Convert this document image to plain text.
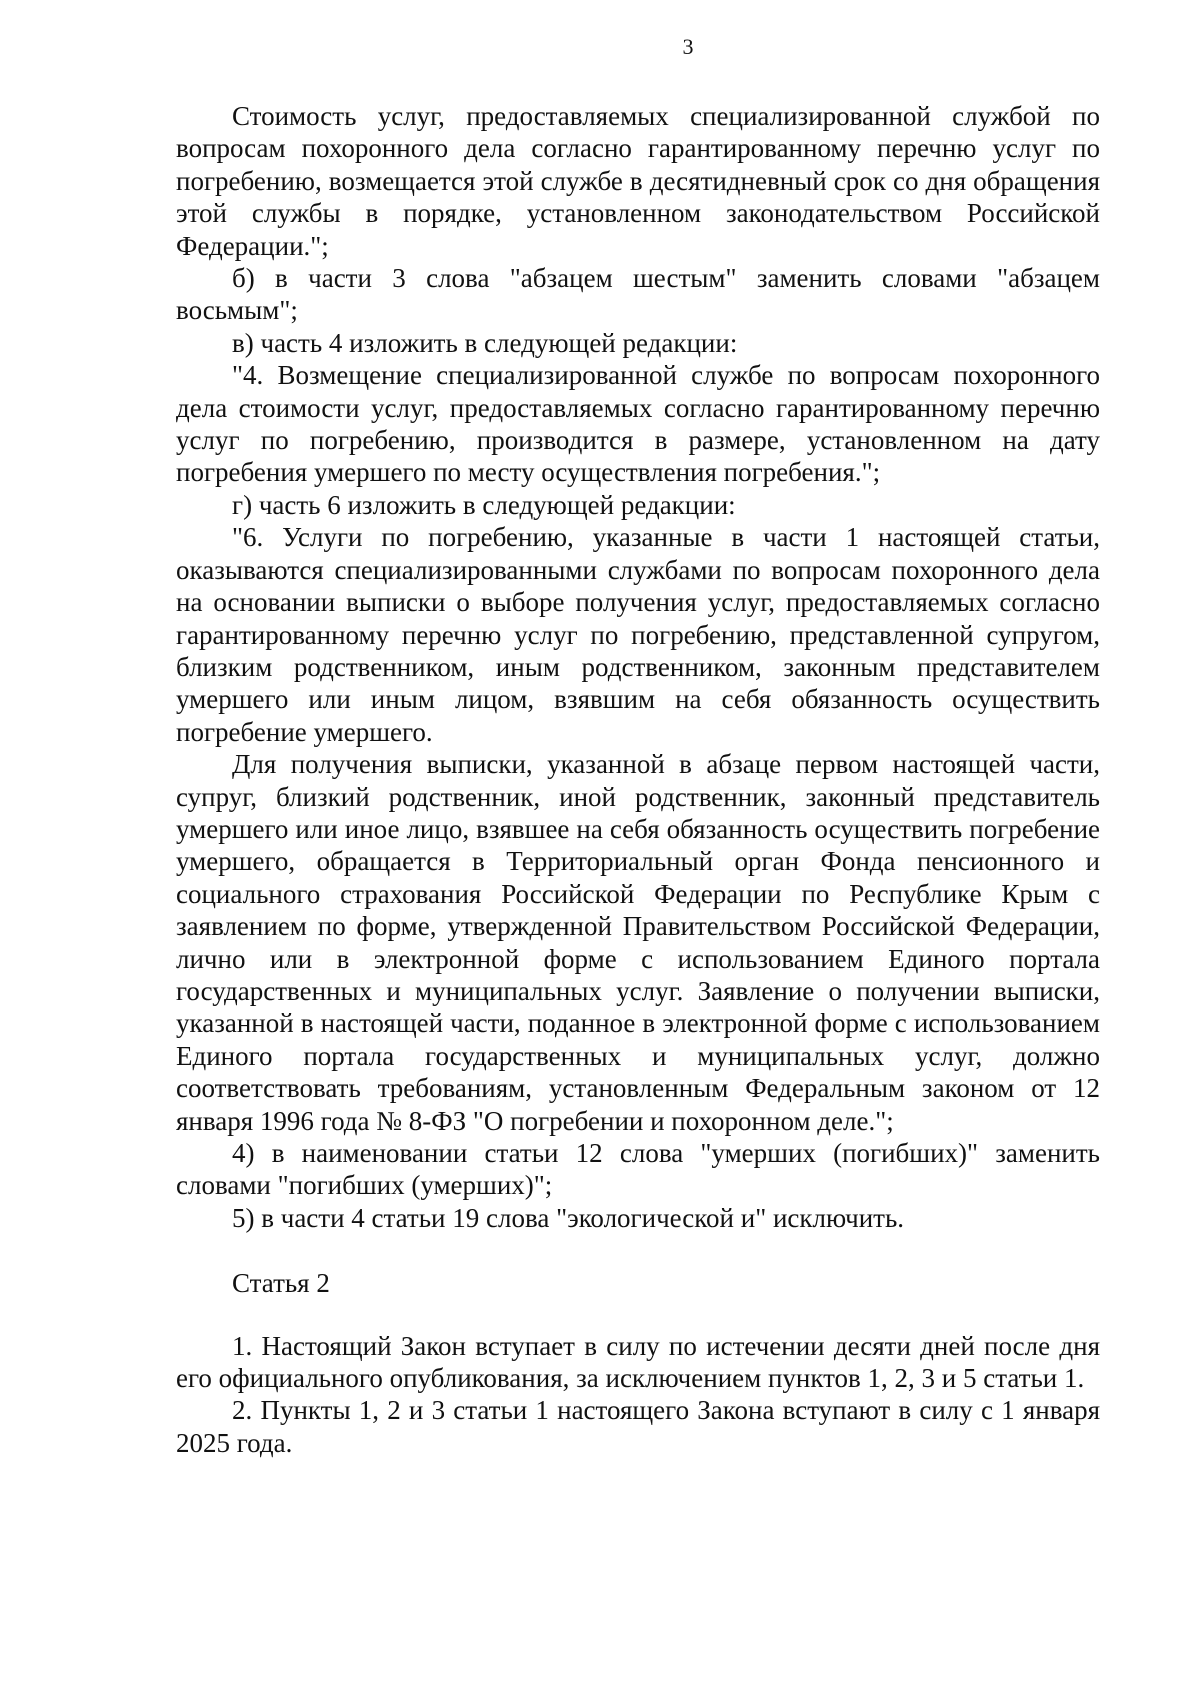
3

Стоимость услуг, предоставляемых специализированной службой по вопросам похоронного дела согласно гарантированному перечню услуг по погребению, возмещается этой службе в десятидневный срок со дня обращения этой службы в порядке, установленном законодательством Российской Федерации.";

б) в части 3 слова "абзацем шестым" заменить словами "абзацем восьмым";

в) часть 4 изложить в следующей редакции:

"4. Возмещение специализированной службе по вопросам похоронного дела стоимости услуг, предоставляемых согласно гарантированному перечню услуг по погребению, производится в размере, установленном на дату погребения умершего по месту осуществления погребения.";

г) часть 6 изложить в следующей редакции:

"6. Услуги по погребению, указанные в части 1 настоящей статьи, оказываются специализированными службами по вопросам похоронного дела на основании выписки о выборе получения услуг, предоставляемых согласно гарантированному перечню услуг по погребению, представленной супругом, близким родственником, иным родственником, законным представителем умершего или иным лицом, взявшим на себя обязанность осуществить погребение умершего.

Для получения выписки, указанной в абзаце первом настоящей части, супруг, близкий родственник, иной родственник, законный представитель умершего или иное лицо, взявшее на себя обязанность осуществить погребение умершего, обращается в Территориальный орган Фонда пенсионного и социального страхования Российской Федерации по Республике Крым с заявлением по форме, утвержденной Правительством Российской Федерации, лично или в электронной форме с использованием Единого портала государственных и муниципальных услуг. Заявление о получении выписки, указанной в настоящей части, поданное в электронной форме с использованием Единого портала государственных и муниципальных услуг, должно соответствовать требованиям, установленным Федеральным законом от 12 января 1996 года № 8-ФЗ "О погребении и похоронном деле.";

4) в наименовании статьи 12 слова "умерших (погибших)" заменить словами "погибших (умерших)";

5) в части 4 статьи 19 слова "экологической и" исключить.

Статья 2

1. Настоящий Закон вступает в силу по истечении десяти дней после дня его официального опубликования, за исключением пунктов 1, 2, 3 и 5 статьи 1.

2. Пункты 1, 2 и 3 статьи 1 настоящего Закона вступают в силу с 1 января 2025 года.
